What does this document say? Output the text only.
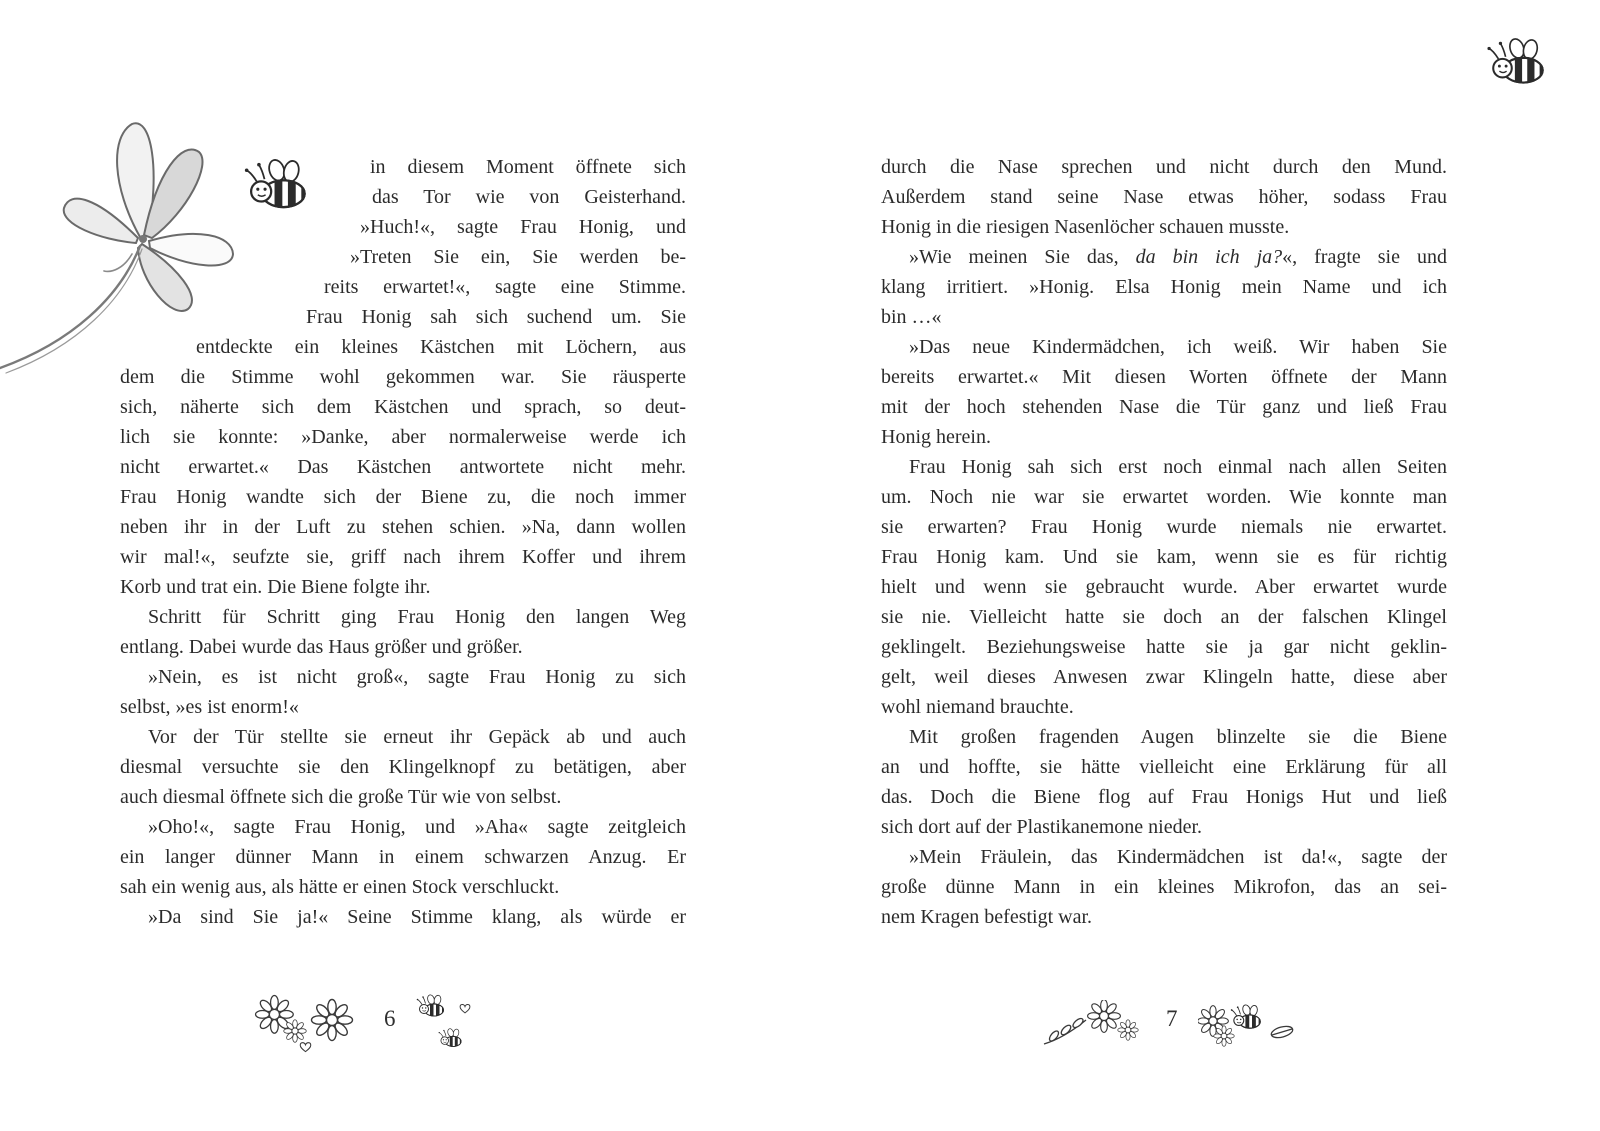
in diesem Moment öffnete sich
das Tor wie von Geisterhand.
»Huch!«, sagte Frau Honig, und
»Treten Sie ein, Sie werden be-
reits erwartet!«, sagte eine Stimme.
Frau Honig sah sich suchend um. Sie
entdeckte ein kleines Kästchen mit Löchern, aus
dem die Stimme wohl gekommen war. Sie räusperte
sich, näherte sich dem Kästchen und sprach, so deut-
lich sie konnte: »Danke, aber normalerweise werde ich
nicht erwartet.« Das Kästchen antwortete nicht mehr.
Frau Honig wandte sich der Biene zu, die noch immer
neben ihr in der Luft zu stehen schien. »Na, dann wollen
wir mal!«, seufzte sie, griff nach ihrem Koffer und ihrem
Korb und trat ein. Die Biene folgte ihr.
Schritt für Schritt ging Frau Honig den langen Weg
entlang. Dabei wurde das Haus größer und größer.
»Nein, es ist nicht groß«, sagte Frau Honig zu sich
selbst, »es ist enorm!«
Vor der Tür stellte sie erneut ihr Gepäck ab und auch
diesmal versuchte sie den Klingelknopf zu betätigen, aber
auch diesmal öffnete sich die große Tür wie von selbst.
»Oho!«, sagte Frau Honig, und »Aha« sagte zeitgleich
ein langer dünner Mann in einem schwarzen Anzug. Er
sah ein wenig aus, als hätte er einen Stock verschluckt.
»Da sind Sie ja!« Seine Stimme klang, als würde er
durch die Nase sprechen und nicht durch den Mund.
Außerdem stand seine Nase etwas höher, sodass Frau
Honig in die riesigen Nasenlöcher schauen musste.
»Wie meinen Sie das, da bin ich ja?«, fragte sie und
klang irritiert. »Honig. Elsa Honig mein Name und ich
bin …«
»Das neue Kindermädchen, ich weiß. Wir haben Sie
bereits erwartet.« Mit diesen Worten öffnete der Mann
mit der hoch stehenden Nase die Tür ganz und ließ Frau
Honig herein.
Frau Honig sah sich erst noch einmal nach allen Seiten
um. Noch nie war sie erwartet worden. Wie konnte man
sie erwarten? Frau Honig wurde niemals nie erwartet.
Frau Honig kam. Und sie kam, wenn sie es für richtig
hielt und wenn sie gebraucht wurde. Aber erwartet wurde
sie nie. Vielleicht hatte sie doch an der falschen Klingel
geklingelt. Beziehungsweise hatte sie ja gar nicht geklin-
gelt, weil dieses Anwesen zwar Klingeln hatte, diese aber
wohl niemand brauchte.
Mit großen fragenden Augen blinzelte sie die Biene
an und hoffte, sie hätte vielleicht eine Erklärung für all
das. Doch die Biene flog auf Frau Honigs Hut und ließ
sich dort auf der Plastikanemone nieder.
»Mein Fräulein, das Kindermädchen ist da!«, sagte der
große dünne Mann in ein kleines Mikrofon, das an sei-
nem Kragen befestigt war.
6	7
